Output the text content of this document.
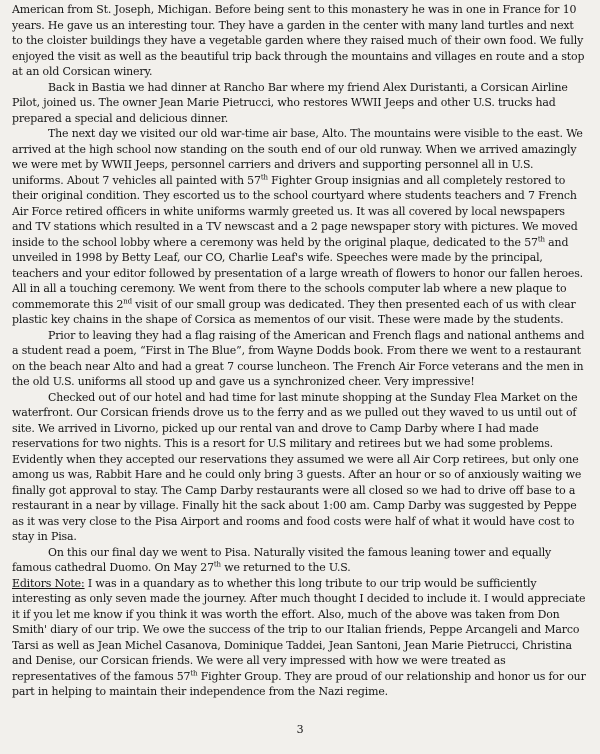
American from St. Joseph, Michigan. Before being sent to this monastery he was in one in France for 10 years. He gave us an interesting tour. They have a garden in the center with many land turtles and next to the cloister buildings they have a vegetable garden where they raised much of their own food. We fully enjoyed the visit as well as the beautiful trip back through the mountains and villages en route and a stop at an old Corsican winery.

Back in Bastia we had dinner at Rancho Bar where my friend Alex Duristanti, a Corsican Airline Pilot, joined us. The owner Jean Marie Pietrucci, who restores WWII Jeeps and other U.S. trucks had prepared a special and delicious dinner.

The next day we visited our old war-time air base, Alto. The mountains were visible to the east. We arrived at the high school now standing on the south end of our old runway. When we arrived amazingly we were met by WWII Jeeps, personnel carriers and drivers and supporting personnel all in U.S. uniforms. About 7 vehicles all painted with 57th Fighter Group insignias and all completely restored to their original condition. They escorted us to the school courtyard where students teachers and 7 French Air Force retired officers in white uniforms warmly greeted us. It was all covered by local newspapers and TV stations which resulted in a TV newscast and a 2 page newspaper story with pictures. We moved inside to the school lobby where a ceremony was held by the original plaque, dedicated to the 57th and unveiled in 1998 by Betty Leaf, our CO, Charlie Leaf's wife. Speeches were made by the principal, teachers and your editor followed by presentation of a large wreath of flowers to honor our fallen heroes. All in all a touching ceremony. We went from there to the schools computer lab where a new plaque to commemorate this 2nd visit of our small group was dedicated. They then presented each of us with clear plastic key chains in the shape of Corsica as mementos of our visit. These were made by the students.

Prior to leaving they had a flag raising of the American and French flags and national anthems and a student read a poem, “First in The Blue”, from Wayne Dodds book. From there we went to a restaurant on the beach near Alto and had a great 7 course luncheon. The French Air Force veterans and the men in the old U.S. uniforms all stood up and gave us a synchronized cheer. Very impressive!

Checked out of our hotel and had time for last minute shopping at the Sunday Flea Market on the waterfront. Our Corsican friends drove us to the ferry and as we pulled out they waved to us until out of site. We arrived in Livorno, picked up our rental van and drove to Camp Darby where I had made reservations for two nights. This is a resort for U.S military and retirees but we had some problems. Evidently when they accepted our reservations they assumed we were all Air Corp retirees, but only one among us was, Rabbit Hare and he could only bring 3 guests. After an hour or so of anxiously waiting we finally got approval to stay. The Camp Darby restaurants were all closed so we had to drive off base to a restaurant in a near by village. Finally hit the sack about 1:00 am. Camp Darby was suggested by Peppe as it was very close to the Pisa Airport and rooms and food costs were half of what it would have cost to stay in Pisa.

On this our final day we went to Pisa. Naturally visited the famous leaning tower and equally famous cathedral Duomo. On May 27th we returned to the U.S.

Editors Note: I was in a quandary as to whether this long tribute to our trip would be sufficiently interesting as only seven made the journey. After much thought I decided to include it. I would appreciate it if you let me know if you think it was worth the effort. Also, much of the above was taken from Don Smith' diary of our trip. We owe the success of the trip to our Italian friends, Peppe Arcangeli and Marco Tarsi as well as Jean Michel Casanova, Dominique Taddei, Jean Santoni, Jean Marie Pietrucci, Christina and Denise, our Corsican friends. We were all very impressed with how we were treated as representatives of the famous 57th Fighter Group. They are proud of our relationship and honor us for our part in helping to maintain their independence from the Nazi regime.

3
